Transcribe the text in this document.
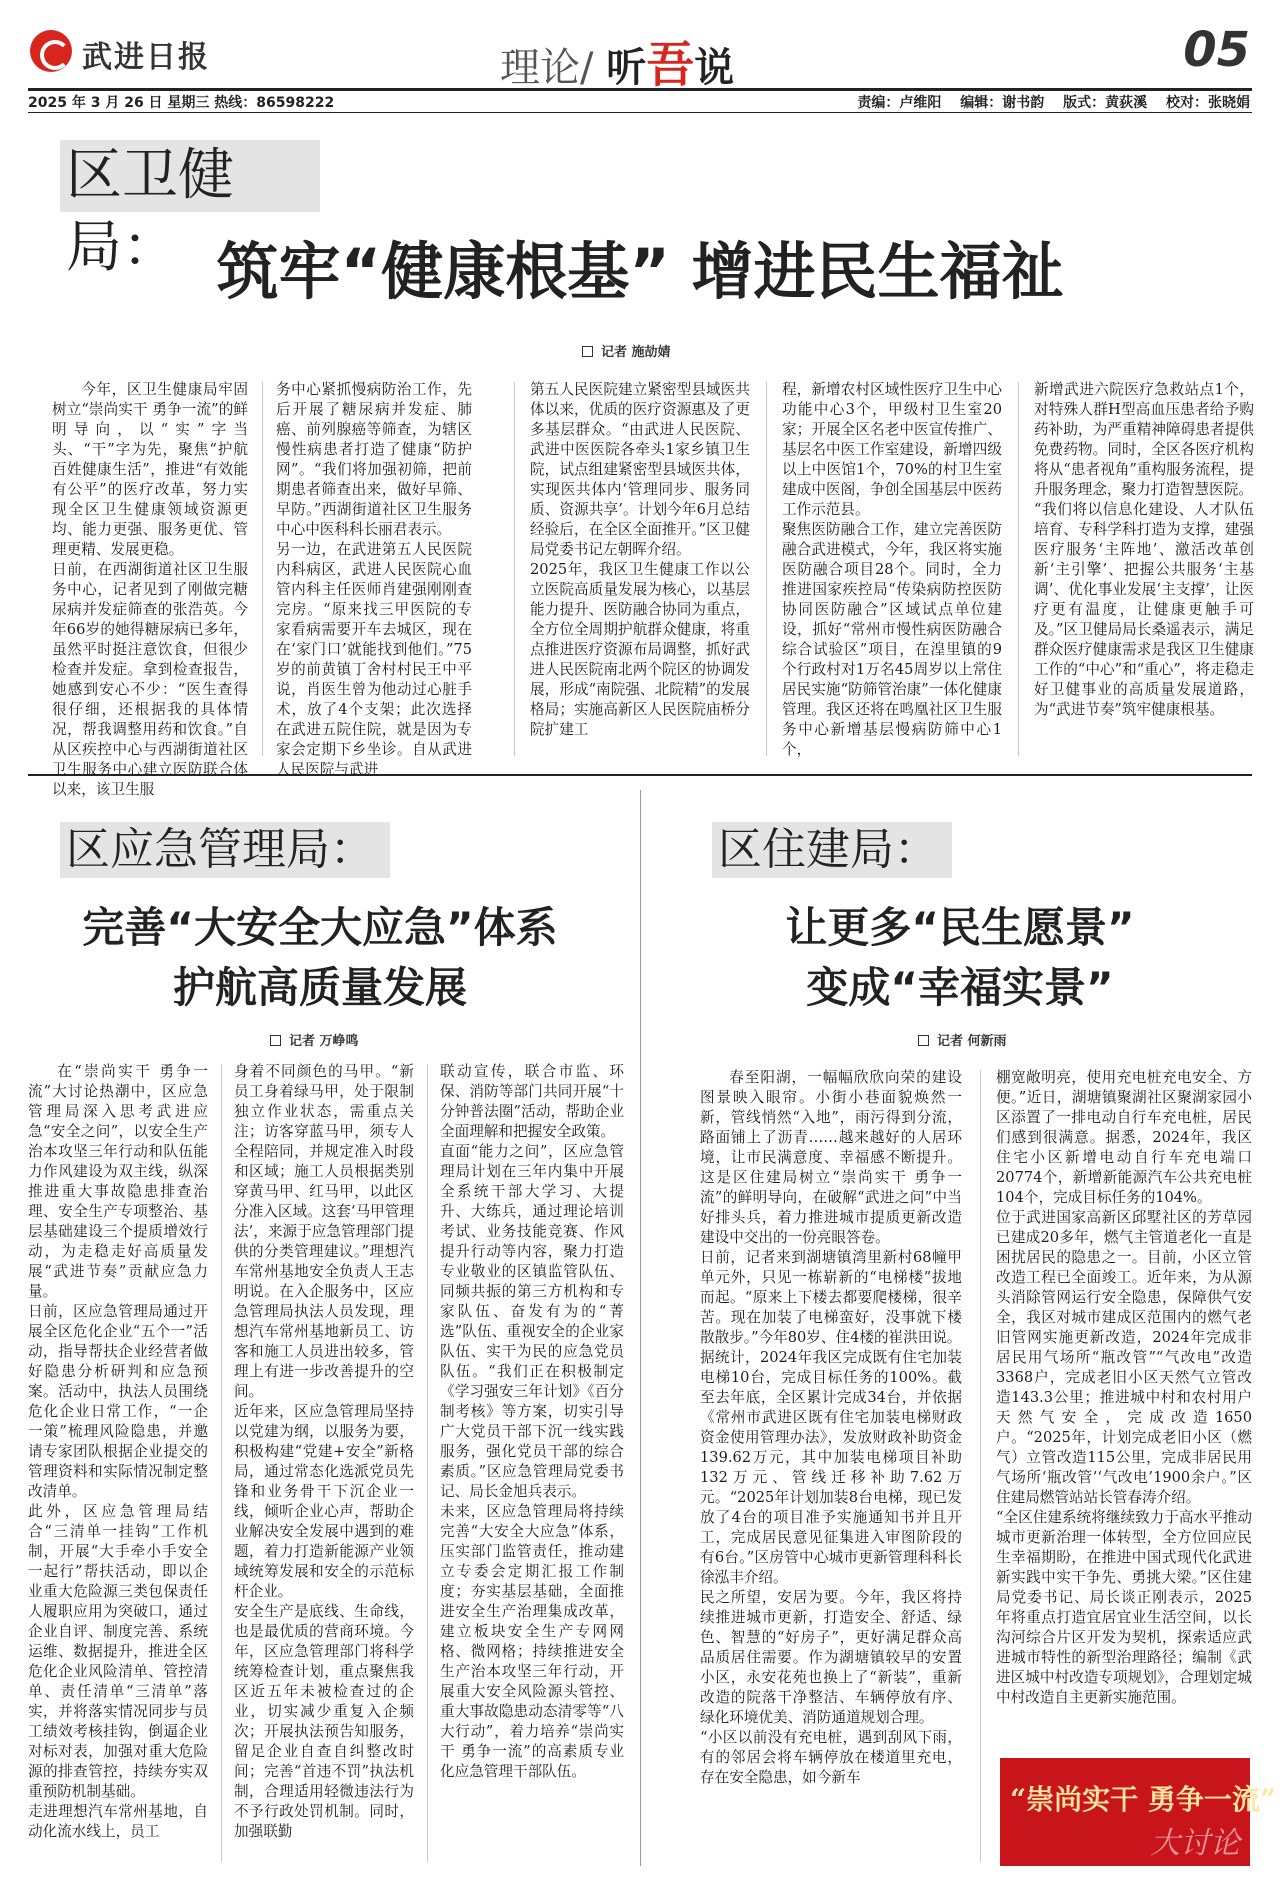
武进日报	理论/ 听吾说	05
2025 年 3 月 26 日 星期三 热线：86598222	责编：卢维阳 编辑：谢书韵 版式：黄荻溪 校对：张晓娟
区卫健局： 筑牢“健康根基” 增进民生福祉
记者 施劼婧

今年，区卫生健康局牢固树立“崇尚实干 勇争一流”的鲜明导向，以“实”字当头、“干”字为先，聚焦“护航百姓健康生活”，推进“有效能 有公平”的医疗改革，努力实现全区卫生健康领域资源更均、能力更强、服务更优、管理更精、发展更稳。
日前，在西湖街道社区卫生服务中心，记者见到了刚做完糖尿病并发症筛查的张浩英。今年66岁的她得糖尿病已多年，虽然平时挺注意饮食，但很少检查并发症。拿到检查报告，她感到安心不少：“医生查得很仔细，还根据我的具体情况，帮我调整用药和饮食。”自从区疾控中心与西湖街道社区卫生服务中心建立医防联合体以来，该卫生服

务中心紧抓慢病防治工作，先后开展了糖尿病并发症、肺癌、前列腺癌等筛查，为辖区慢性病患者打造了健康“防护网”。“我们将加强初筛，把前期患者筛查出来，做好早筛、早防。”西湖街道社区卫生服务中心中医科科长丽君表示。
另一边，在武进第五人民医院内科病区，武进人民医院心血管内科主任医师肖建强刚刚查完房。“原来找三甲医院的专家看病需要开车去城区，现在在‘家门口’就能找到他们。”75岁的前黄镇丁舍村村民王中平说，肖医生曾为他动过心脏手术，放了4个支架；此次选择在武进五院住院，就是因为专家会定期下乡坐诊。自从武进人民医院与武进

第五人民医院建立紧密型县域医共体以来，优质的医疗资源惠及了更多基层群众。“由武进人民医院、武进中医医院各牵头1家乡镇卫生院，试点组建紧密型县域医共体，实现医共体内‘管理同步、服务同质、资源共享’。计划今年6月总结经验后，在全区全面推开。”区卫健局党委书记左朝晖介绍。
2025年，我区卫生健康工作以公立医院高质量发展为核心，以基层能力提升、医防融合协同为重点，全方位全周期护航群众健康，将重点推进医疗资源布局调整，抓好武进人民医院南北两个院区的协调发展，形成“南院强、北院精”的发展格局；实施高新区人民医院庙桥分院扩建工

程，新增农村区域性医疗卫生中心功能中心3个，甲级村卫生室20家；开展全区名老中医宣传推广、基层名中医工作室建设，新增四级以上中医馆1个，70%的村卫生室建成中医阁，争创全国基层中医药工作示范县。
聚焦医防融合工作，建立完善医防融合武进模式，今年，我区将实施医防融合项目28个。同时，全力推进国家疾控局“传染病防控医防协同医防融合”区域试点单位建设，抓好“常州市慢性病医防融合综合试验区”项目，在湟里镇的9个行政村对1万名45周岁以上常住居民实施“防筛管治康”一体化健康管理。我区还将在鸣凰社区卫生服务中心新增基层慢病防筛中心1个，

新增武进六院医疗急救站点1个，对特殊人群H型高血压患者给予购药补助，为严重精神障碍患者提供免费药物。同时，全区各医疗机构将从“患者视角”重构服务流程，提升服务理念，聚力打造智慧医院。
“我们将以信息化建设、人才队伍培育、专科学科打造为支撑，建强医疗服务‘主阵地’、激活改革创新‘主引擎’、把握公共服务‘主基调’、优化事业发展‘主支撑’，让医疗更有温度，让健康更触手可及。”区卫健局局长桑遥表示，满足群众医疗健康需求是我区卫生健康工作的“中心”和“重心”，将走稳走好卫健事业的高质量发展道路，为“武进节奏”筑牢健康根基。

区应急管理局：
完善“大安全大应急”体系
护航高质量发展
记者 万峥鸣

在“崇尚实干 勇争一流”大讨论热潮中，区应急管理局深入思考武进应急“安全之问”，以安全生产治本攻坚三年行动和队伍能力作风建设为双主线，纵深推进重大事故隐患排查治理、安全生产专项整治、基层基础建设三个提质增效行动，为走稳走好高质量发展“武进节奏”贡献应急力量。
日前，区应急管理局通过开展全区危化企业“五个一”活动，指导帮扶企业经营者做好隐患分析研判和应急预案。活动中，执法人员围绕危化企业日常工作，“一企一策”梳理风险隐患，并邀请专家团队根据企业提交的管理资料和实际情况制定整改清单。
此外，区应急管理局结合“三清单一挂钩”工作机制，开展“大手牵小手安全一起行”帮扶活动，即以企业重大危险源三类包保责任人履职应用为突破口，通过企业自评、制度完善、系统运维、数据提升，推进全区危化企业风险清单、管控清单、责任清单“三清单”落实，并将落实情况同步与员工绩效考核挂钩，倒逼企业对标对表，加强对重大危险源的排查管控，持续夯实双重预防机制基础。
走进理想汽车常州基地，自动化流水线上，员工

身着不同颜色的马甲。“新员工身着绿马甲，处于限制独立作业状态，需重点关注；访客穿蓝马甲，须专人全程陪同，并规定准入时段和区域；施工人员根据类别穿黄马甲、红马甲，以此区分准入区域。这套‘马甲管理法’，来源于应急管理部门提供的分类管理建议。”理想汽车常州基地安全负责人王志明说。在入企服务中，区应急管理局执法人员发现，理想汽车常州基地新员工、访客和施工人员进出较多，管理上有进一步改善提升的空间。
近年来，区应急管理局坚持以党建为纲，以服务为要，积极构建“党建+安全”新格局，通过常态化选派党员先锋和业务骨干下沉企业一线，倾听企业心声，帮助企业解决安全发展中遇到的难题，着力打造新能源产业领域统筹发展和安全的示范标杆企业。
安全生产是底线、生命线，也是最优质的营商环境。今年，区应急管理部门将科学统筹检查计划，重点聚焦我区近五年未被检查过的企业，切实减少重复入企频次；开展执法预告知服务，留足企业自查自纠整改时间；完善“首违不罚”执法机制，合理适用轻微违法行为不予行政处罚机制。同时，加强联勤

联动宣传，联合市监、环保、消防等部门共同开展“十分钟普法圈”活动，帮助企业全面理解和把握安全政策。
直面“能力之问”，区应急管理局计划在三年内集中开展全系统干部大学习、大提升、大练兵，通过理论培训考试、业务技能竞赛、作风提升行动等内容，聚力打造专业敬业的区镇监管队伍、同频共振的第三方机构和专家队伍、奋发有为的“菁选”队伍、重视安全的企业家队伍、实干为民的应急党员队伍。“我们正在积极制定《学习强安三年计划》《百分制考核》等方案，切实引导广大党员干部下沉一线实践服务，强化党员干部的综合素质。”区应急管理局党委书记、局长金旭兵表示。
未来，区应急管理局将持续完善“大安全大应急”体系，压实部门监管责任，推动建立专委会定期汇报工作制度；夯实基层基础，全面推进安全生产治理集成改革，建立板块安全生产专网网格、微网格；持续推进安全生产治本攻坚三年行动，开展重大安全风险源头管控、重大事故隐患动态清零等“八大行动”，着力培养“崇尚实干 勇争一流”的高素质专业化应急管理干部队伍。

区住建局：
让更多“民生愿景”
变成“幸福实景”
记者 何新雨

春至阳湖，一幅幅欣欣向荣的建设图景映入眼帘。小街小巷面貌焕然一新，管线悄然“入地”，雨污得到分流，路面铺上了沥青……越来越好的人居环境，让市民满意度、幸福感不断提升。这是区住建局树立“崇尚实干 勇争一流”的鲜明导向，在破解“武进之问”中当好排头兵，着力推进城市提质更新改造建设中交出的一份亮眼答卷。
日前，记者来到湖塘镇湾里新村68幢甲单元外，只见一栋崭新的“电梯楼”拔地而起。“原来上下楼去都要爬楼梯，很辛苦。现在加装了电梯蛮好，没事就下楼散散步。”今年80岁、住4楼的崔洪田说。
据统计，2024年我区完成既有住宅加装电梯10台，完成目标任务的100%。截至去年底，全区累计完成34台，并依据《常州市武进区既有住宅加装电梯财政资金使用管理办法》，发放财政补助资金139.62万元，其中加装电梯项目补助132万元、管线迁移补助7.62万元。“2025年计划加装8台电梯，现已发放了4台的项目准予实施通知书并且开工，完成居民意见征集进入审图阶段的有6台。”区房管中心城市更新管理科科长徐泓丰介绍。
民之所望，安居为要。今年，我区将持续推进城市更新，打造安全、舒适、绿色、智慧的“好房子”，更好满足群众高品质居住需要。作为湖塘镇较早的安置小区，永安花苑也换上了“新装”，重新改造的院落干净整洁、车辆停放有序、绿化环境优美、消防通道规划合理。
“小区以前没有充电桩，遇到刮风下雨，有的邻居会将车辆停放在楼道里充电，存在安全隐患，如今新车

棚宽敞明亮，使用充电桩充电安全、方便。”近日，湖塘镇聚湖社区聚湖家园小区添置了一排电动自行车充电桩，居民们感到很满意。据悉，2024年，我区住宅小区新增电动自行车充电端口20774个，新增新能源汽车公共充电桩104个，完成目标任务的104%。
位于武进国家高新区邱墅社区的芳草园已建成20多年，燃气主管道老化一直是困扰居民的隐患之一。目前，小区立管改造工程已全面竣工。近年来，为从源头消除管网运行安全隐患，保障供气安全，我区对城市建成区范围内的燃气老旧管网实施更新改造，2024年完成非居民用气场所“瓶改管”“气改电”改造3368户，完成老旧小区天然气立管改造143.3公里；推进城中村和农村用户天然气安全，完成改造1650户。“2025年，计划完成老旧小区（燃气）立管改造115公里，完成非居民用气场所‘瓶改管’‘气改电’1900余户。”区住建局燃管站站长管春涛介绍。
“全区住建系统将继续致力于高水平推动城市更新治理一体转型，全方位回应民生幸福期盼，在推进中国式现代化武进新实践中实干争先、勇挑大梁。”区住建局党委书记、局长谈正刚表示，2025年将重点打造宜居宜业生活空间，以长沟河综合片区开发为契机，探索适应武进城市特性的新型治理路径；编制《武进区城中村改造专项规划》，合理划定城中村改造自主更新实施范围。

“崇尚实干 勇争一流”
大讨论
